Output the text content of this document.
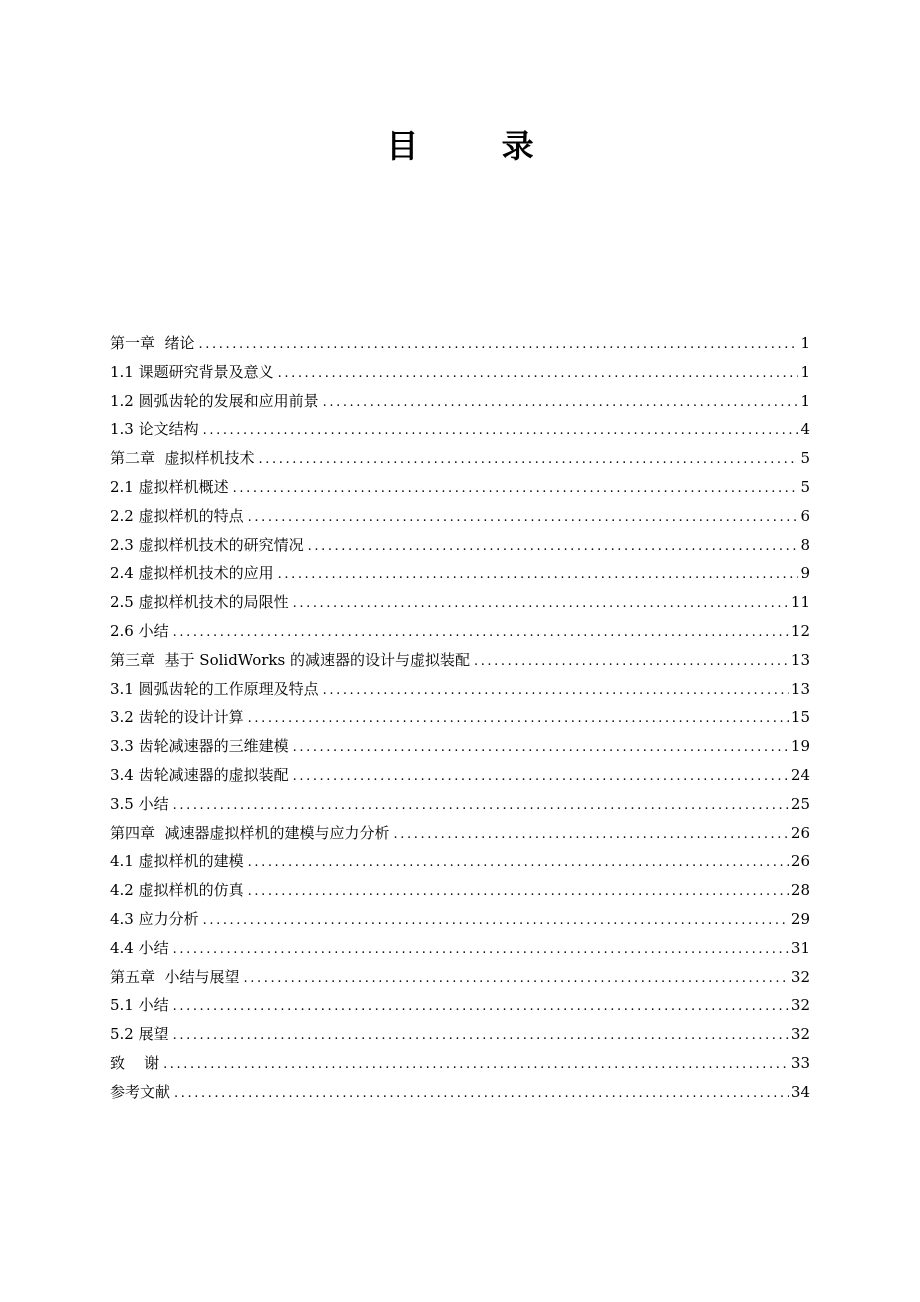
目 录
第一章  绪论 .....	1
1.1 课题研究背景及意义 .....	1
1.2 圆弧齿轮的发展和应用前景 .....	1
1.3 论文结构 .....	4
第二章  虚拟样机技术 .....	5
2.1 虚拟样机概述 .....	5
2.2 虚拟样机的特点 .....	6
2.3 虚拟样机技术的研究情况 .....	8
2.4 虚拟样机技术的应用 .....	9
2.5 虚拟样机技术的局限性 .....	11
2.6 小结 .....	12
第三章  基于 SolidWorks 的减速器的设计与虚拟装配 .....	13
3.1 圆弧齿轮的工作原理及特点 .....	13
3.2 齿轮的设计计算 .....	15
3.3 齿轮减速器的三维建模 .....	19
3.4 齿轮减速器的虚拟装配 .....	24
3.5 小结 .....	25
第四章  减速器虚拟样机的建模与应力分析 .....	26
4.1 虚拟样机的建模 .....	26
4.2 虚拟样机的仿真 .....	28
4.3 应力分析 .....	29
4.4 小结 .....	31
第五章  小结与展望 .....	32
5.1 小结 .....	32
5.2 展望 .....	32
致    谢 .....	33
参考文献 .....	34
